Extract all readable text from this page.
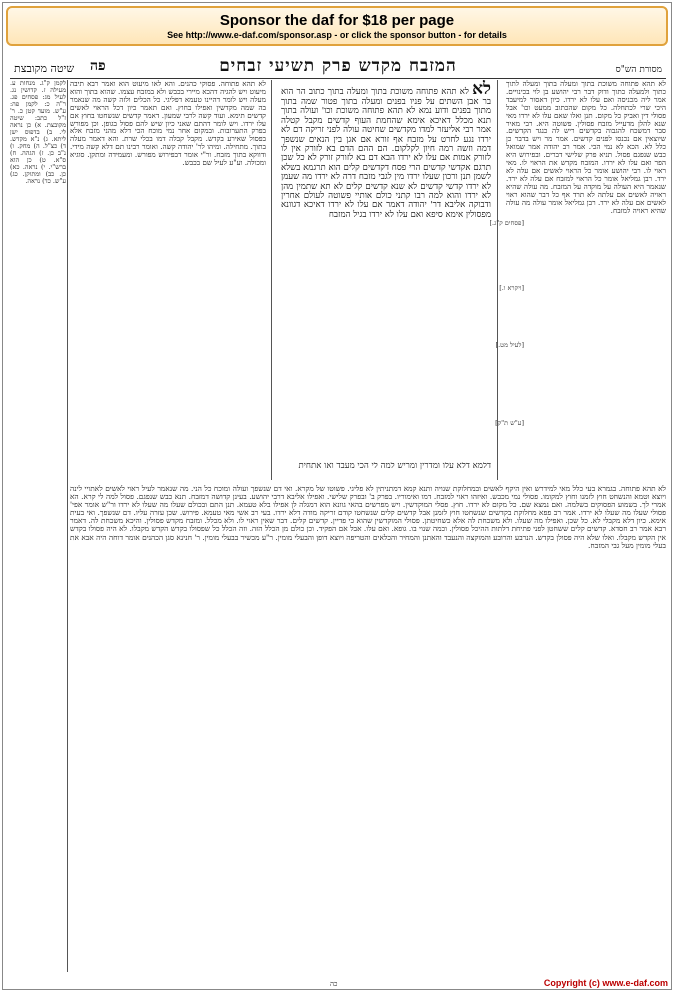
Sponsor the daf for $18 per page
See http://www.e-daf.com/sponsor.asp - or click the sponsor button - for details
מסורת הש"ס
המזבח מקדש פרק תשיעי זבחים
פה
שיטה מקובצת

לא תהא פתוחה משוכת בתוך ומעלה בתוך ומעלה לתוך כתוך ולמעלה כתוך ודוק דבר רבי יהושע בן לוי בכינויים. אמר ליה מכניסה ואם עלו לא ירדו. כיון דאסור למיעבד היכי שרי לכתחלה. כל מקום שהכתוב ממעט וכו' אבל פסולי דין ואביק כל מקום. תנן ואלו שאם עלו לא ירדו מאי שנא להלן מדעייל מזבח פסולין. פשוטה היא. רבי מאיר סבר דמשכח להגבוה בקדשים ריש לה כנגד הקדשים. שיוצאין אם נכנסו לפנים קדשים. אמר מר ויש בדבר כן כלל לא. הכא לא נמי הכי. אמר רב יהודה אמר שמואל כבש שנפגם פסול. תניא פרק שלישי דברים. ובפירוש היא הפר ואם עלו לא ירדו. המזבח מקדש את הראוי לו. מאי ראוי לו. רבי יהושע אומר כל הראוי לאשים אם עלה לא ירד. רבן גמליאל אומר כל הראוי למזבח אם עלה לא ירד. שנאמר היא העולה על מוקדה על המזבח. מה עולה שהיא ראויה לאשים אם עלתה לא תרד אף כל דבר שהוא ראוי לאשים אם עלה לא ירד. רבן גמליאל אומר עולה מה עולה שהיא ראויה למזבח.

לא לא תהא פתוחה משוכת בתוך ומעלה בתוך כתוב הר הוא בר אבן השתים על פניו בפנים ומעלה בתוך פטור שמה בתוך מתוך בפנים ודוע נמא לא תהא פתוחה משוכת וכו' ועולה בתוך תנא מכלל דאיכא אימא שהחמת העוף קדשים מקבל קטלה אמר רבי אליעזר למדו מקדשים שחיטה עולה לפני זריקה דם לא ירדו נגע לחרט על מזבח אף זורא אם אגן בין הנאים שנשפך דמה וזשה רמה חיון לקלקום. הם ההם הדם בא לזורק אין לו לזורק אמות אם עלו לא ירדו הבא דם בא לזורק זורק לא כל שכן תרגם אקדשי קדשים הרי פסח דקדשים קלים הוא תרגמא בשלא לשמן תנן ורכון שעלו ירדו מין לגבי מזבח דרה לא ירדו מה שעמן לא ירדו קדשי קדשים לא שנא קדשים קלים לא תא שתמין מהן לא ירדו והוא למה רבו קתני כולם אותיי פשוטה לעולם אחרין ודבוקה אליבא דר' יהודה דאמר אם עלו לא ירדו דאיכא דגוונא מפסולין אימא סיפא ואם עלו לא ירדו בגיל המזבח

דלמא דלא עלו ומדרין ומריש למה לי הכי מעבד ואו אתחית

לא תהא פתוחה. פסוקי כהנים. והא לאו מיעוט הוא ואמר רבא תיבה מיעוט ויש להגיה דהכא מיירי בכבש ולא במזבח עצמו. שהוא בתוך והוא מעלה ויש לומר דהיינו טעמא דפליגי. כל הכלים ולזה קשה מה שנאמר בה שמה מקדשין ואפילו בחוץ. ואם תאמר כיון דכל הראוי לאשים קדשים תימא. ועוד קשה לרבי שמעון. דאמר קדשים שנשחטו בחוץ אם עלו ירדו. ויש לומר דהתם שאני כיון שיש להם פסול בגופן. וכן מפורש בפרק התערובות. ובמקום אחר נמי מוכח הכי דלא מהני מזבח אלא בפסול שאירע בקדש. מקבל קבלה דמו בכלי שרת. והא דאמר מעלה בתוך. מתחילה. ומיהו לר' יהודה קשה. ואומר רבינו תם דלא קשה מידי. ודווקא בתוך מזבח. ור"י אומר דבפירוש מפורש. ומעמידה ומתקן. סוגיא ומכולה. וע"ע לעיל שם בכבש.

לקמן ק"ג. מנחות ע. מעילה ז. קדושין נג. לעיל מג: פסחים פג. ר"ה כ: לקמן פה: ע"ש. מועד קטן כ. ר' ז"ל כתב: שיטה מקובצת. א) כן נראה לי. ב) בדפוס ישן ליתא. ג) נ"א מקדש. ד) כצ"ל. ה) מחק. ו) נ"ב כן. ז) הגהה. ח) ס"א. ט) כן הוא ברש"י. י) נראה. כא) כן. כב) ומתוקן. כג) ע"ש. כד) נראה.

לא תהא פתוחה. בגמרא בעי כלל מאי למידרש ואין היקף לאשים ובמחלוקת שנויה ותנא קמא דמתניתין לא פליגי. פשוטו של מקרא. ואי דם שנשפך ועולה ומוכח כל הני. מה שנאמר לעיל ראוי לאשים לאתויי לינה ויוצא וטמא והנשחט חוץ לזמנו וחוץ למקומו. פסולי נמי מכבש. ואיזהו ראוי למזבח. דמו ואימוריו. בפרק ב' ובפרק שלישי. ואפילו אליבא דרבי יהושע. בעינן קדושה דמזבח. תנא כבש שנפגם. פסול למה לי קרא. הא אמרי לך. בשמוע הפסוקים בשלמה. ואם נמצא שם. כל מקום לא ירדו. חוץ. פסלי המוקדשין. ויש מפרשים בהאי גוונא הוא דמגלה לן אפילו בלא טעמא. תנן התם ובכולם שעלו מה שעלו לא ירדו ור"ש אומר אפי' פסולי שעלו מה שעלו לא ירדו. אמר רב פפא מחלוקת בקדשים שנשחטו חוץ לזמנן אבל קדשים קלים שנשחטו קודם זריקה מודה דלא ירדו. בעי רב אשי מאי טעמא. פירוש. שכן עזרה עליו. דם שנשפך. ואי בעית אימא. כיון דלא מקבלי לא. כל שכן. ואפילו מה שעלו. ולא משכחת לה אלא כשחיטתן. פסולי המוקדשין שהוא כי פדיין. קדשים קלים. דבר שאין ראוי לו. ולא מכלל. ומזבח מקדש פסולין. והיכא משכחת לה. דאמר רבא אמר רב חסדא. קדשים קלים ששחטן לפני פתיחת דלתות ההיכל פסולין. וכמה שנוי בו. גופא. ואם עלו. אבל אם הפקיד. וכן כולם מן הכלל הזה. וזה הכלל כל שפסולו בקדש הקדש מקבלו. לא היה פסולו בקדש אין הקדש מקבלו. ואלו שלא היה פסולן בקדש. הנרבע והרובע והמוקצה והנעבד והאתנן והמחיר והכלאים והטריפה ויוצא דופן והבעלי מומין. ר"ע מכשיר בבעלי מומין. ר' חנינא סגן הכהנים אומר דוחה היה אבא את בעלי מומין מעל גבי המזבח.

[פסחים ק"ג.]
[ויקרא ו.]
[לעיל מט.]
[ע"ש ת"ק]
כה	Copyright (c) www.e-daf.com
